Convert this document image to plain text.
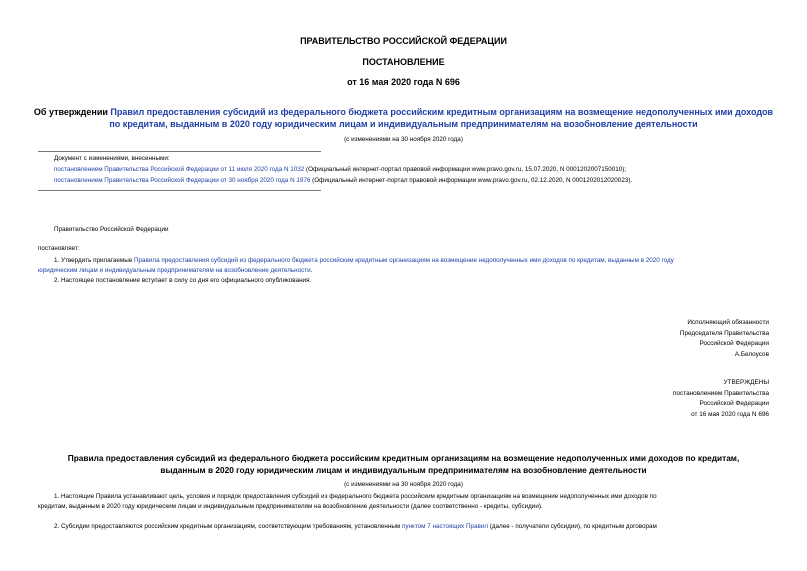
ПРАВИТЕЛЬСТВО РОССИЙСКОЙ ФЕДЕРАЦИИ
ПОСТАНОВЛЕНИЕ
от 16 мая 2020 года N 696
Об утверждении Правил предоставления субсидий из федерального бюджета российским кредитным организациям на возмещение недополученных ими доходов
по кредитам, выданным в 2020 году юридическим лицам и индивидуальным предпринимателям на возобновление деятельности
(с изменениями на 30 ноября 2020 года)
Документ с изменениями, внесенными:
постановлением Правительства Российской Федерации от 11 июля 2020 года N 1032 (Официальный интернет-портал правовой информации www.pravo.gov.ru, 15.07.2020, N 0001202007150010);
постановлением Правительства Российской Федерации от 30 ноября 2020 года N 1976 (Официальный интернет-портал правовой информации www.pravo.gov.ru, 02.12.2020, N 0001202012020023).
Правительство Российской Федерации
постановляет:
1. Утвердить прилагаемые Правила предоставления субсидий из федерального бюджета российским кредитным организациям на возмещение недополученных ими доходов по кредитам, выданным в 2020 году
юридическим лицам и индивидуальным предпринимателям на возобновление деятельности.
2. Настоящее постановление вступает в силу со дня его официального опубликования.
Исполняющий обязанности
Председателя Правительства
Российской Федерации
А.Белоусов
УТВЕРЖДЕНЫ
постановлением Правительства
Российской Федерации
от 16 мая 2020 года N 696
Правила предоставления субсидий из федерального бюджета российским кредитным организациям на возмещение недополученных ими доходов по кредитам,
выданным в 2020 году юридическим лицам и индивидуальным предпринимателям на возобновление деятельности
(с изменениями на 30 ноября 2020 года)
1. Настоящие Правила устанавливают цель, условия и порядок предоставления субсидий из федерального бюджета российским кредитным организациям на возмещение недополученных ими доходов по
кредитам, выданным в 2020 году юридическим лицам и индивидуальным предпринимателям на возобновление деятельности (далее соответственно - кредиты, субсидии).
2. Субсидии предоставляются российским кредитным организациям, соответствующим требованиям, установленным пунктом 7 настоящих Правил (далее - получатели субсидии), по кредитным договорам
